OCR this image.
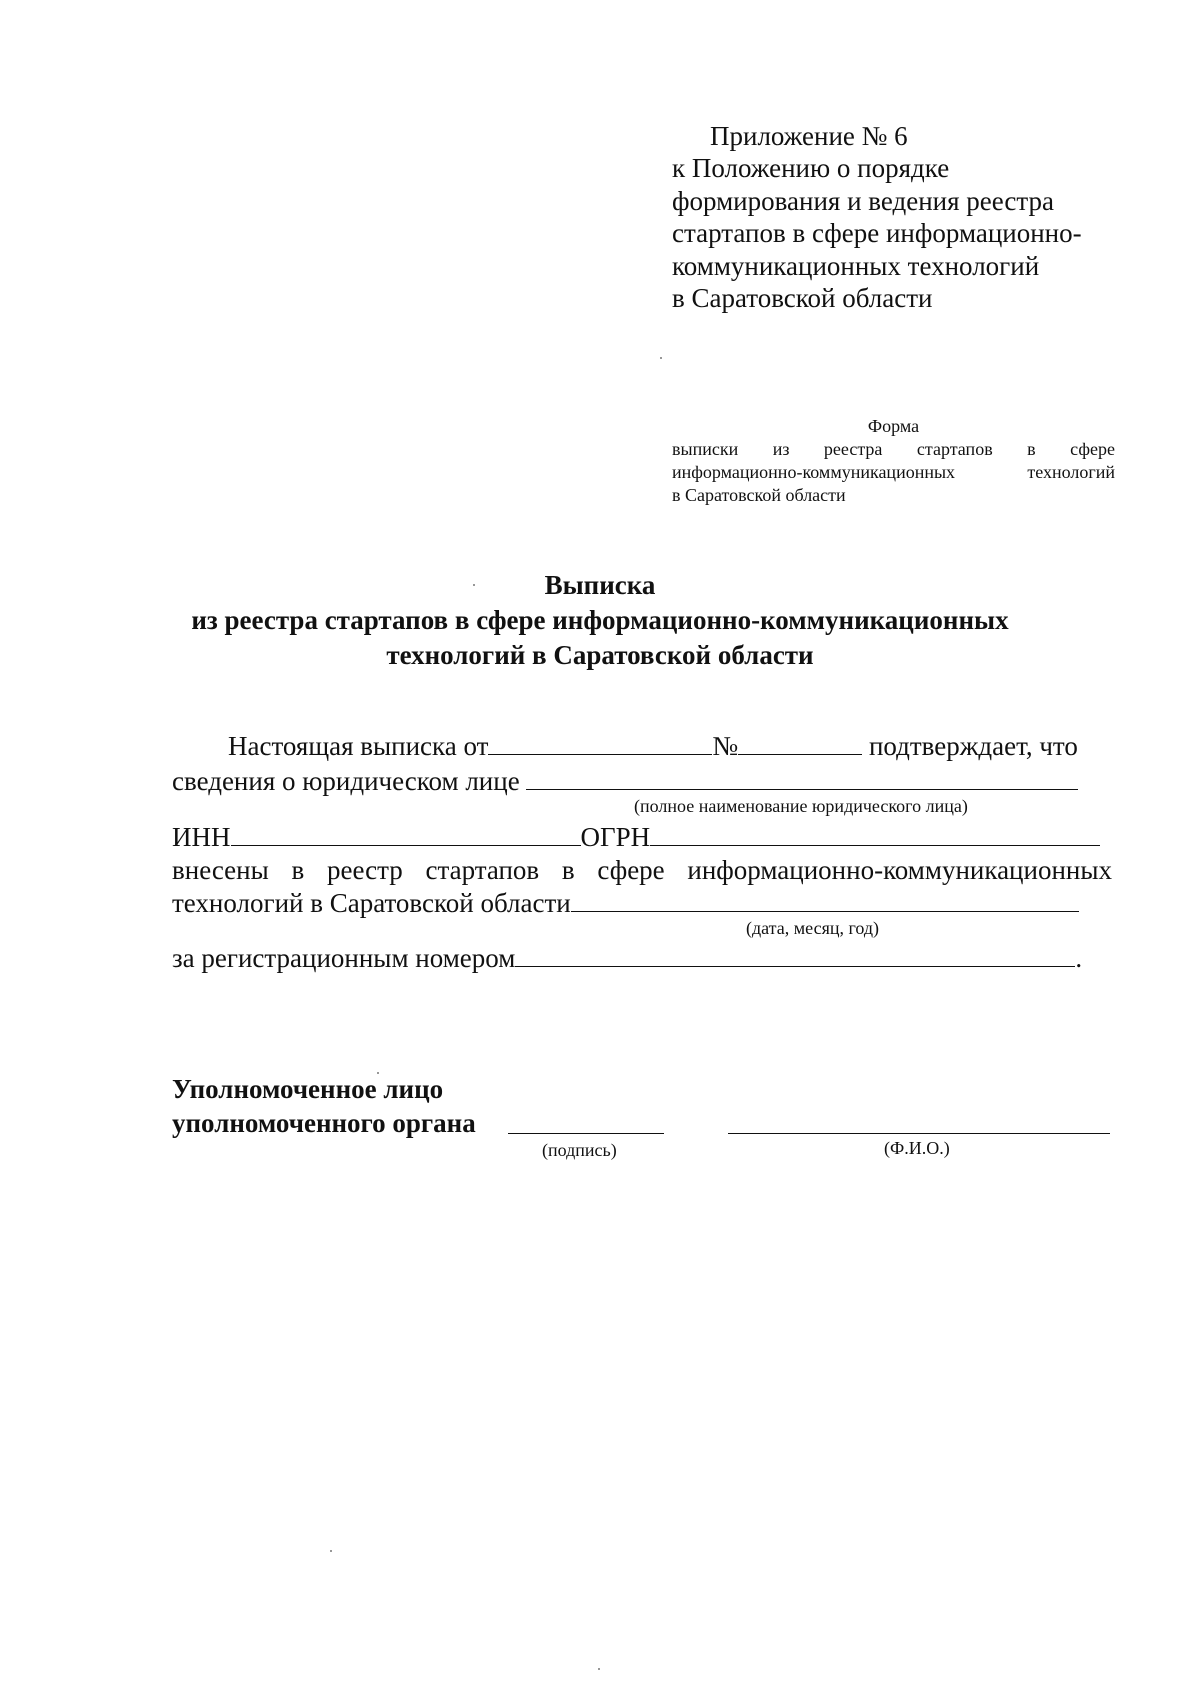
Приложение № 6
к Положению о порядке
формирования и ведения реестра
стартапов в сфере информационно-
коммуникационных технологий
в Саратовской области
Форма
выписки из реестра стартапов в сфере
информационно-коммуникационных	технологий
в Саратовской области
Выписка
из реестра стартапов в сфере информационно-коммуникационных
технологий в Саратовской области
Настоящая выписка от	№	подтверждает, что
сведения о юридическом лице
(полное наименование юридического лица)
ИНН	ОГРН
внесены в реестр стартапов в сфере информационно-коммуникационных
технологий в Саратовской области
(дата, месяц, год)
за регистрационным номером	.
Уполномоченное лицо
уполномоченного органа
(подпись)	(Ф.И.О.)
